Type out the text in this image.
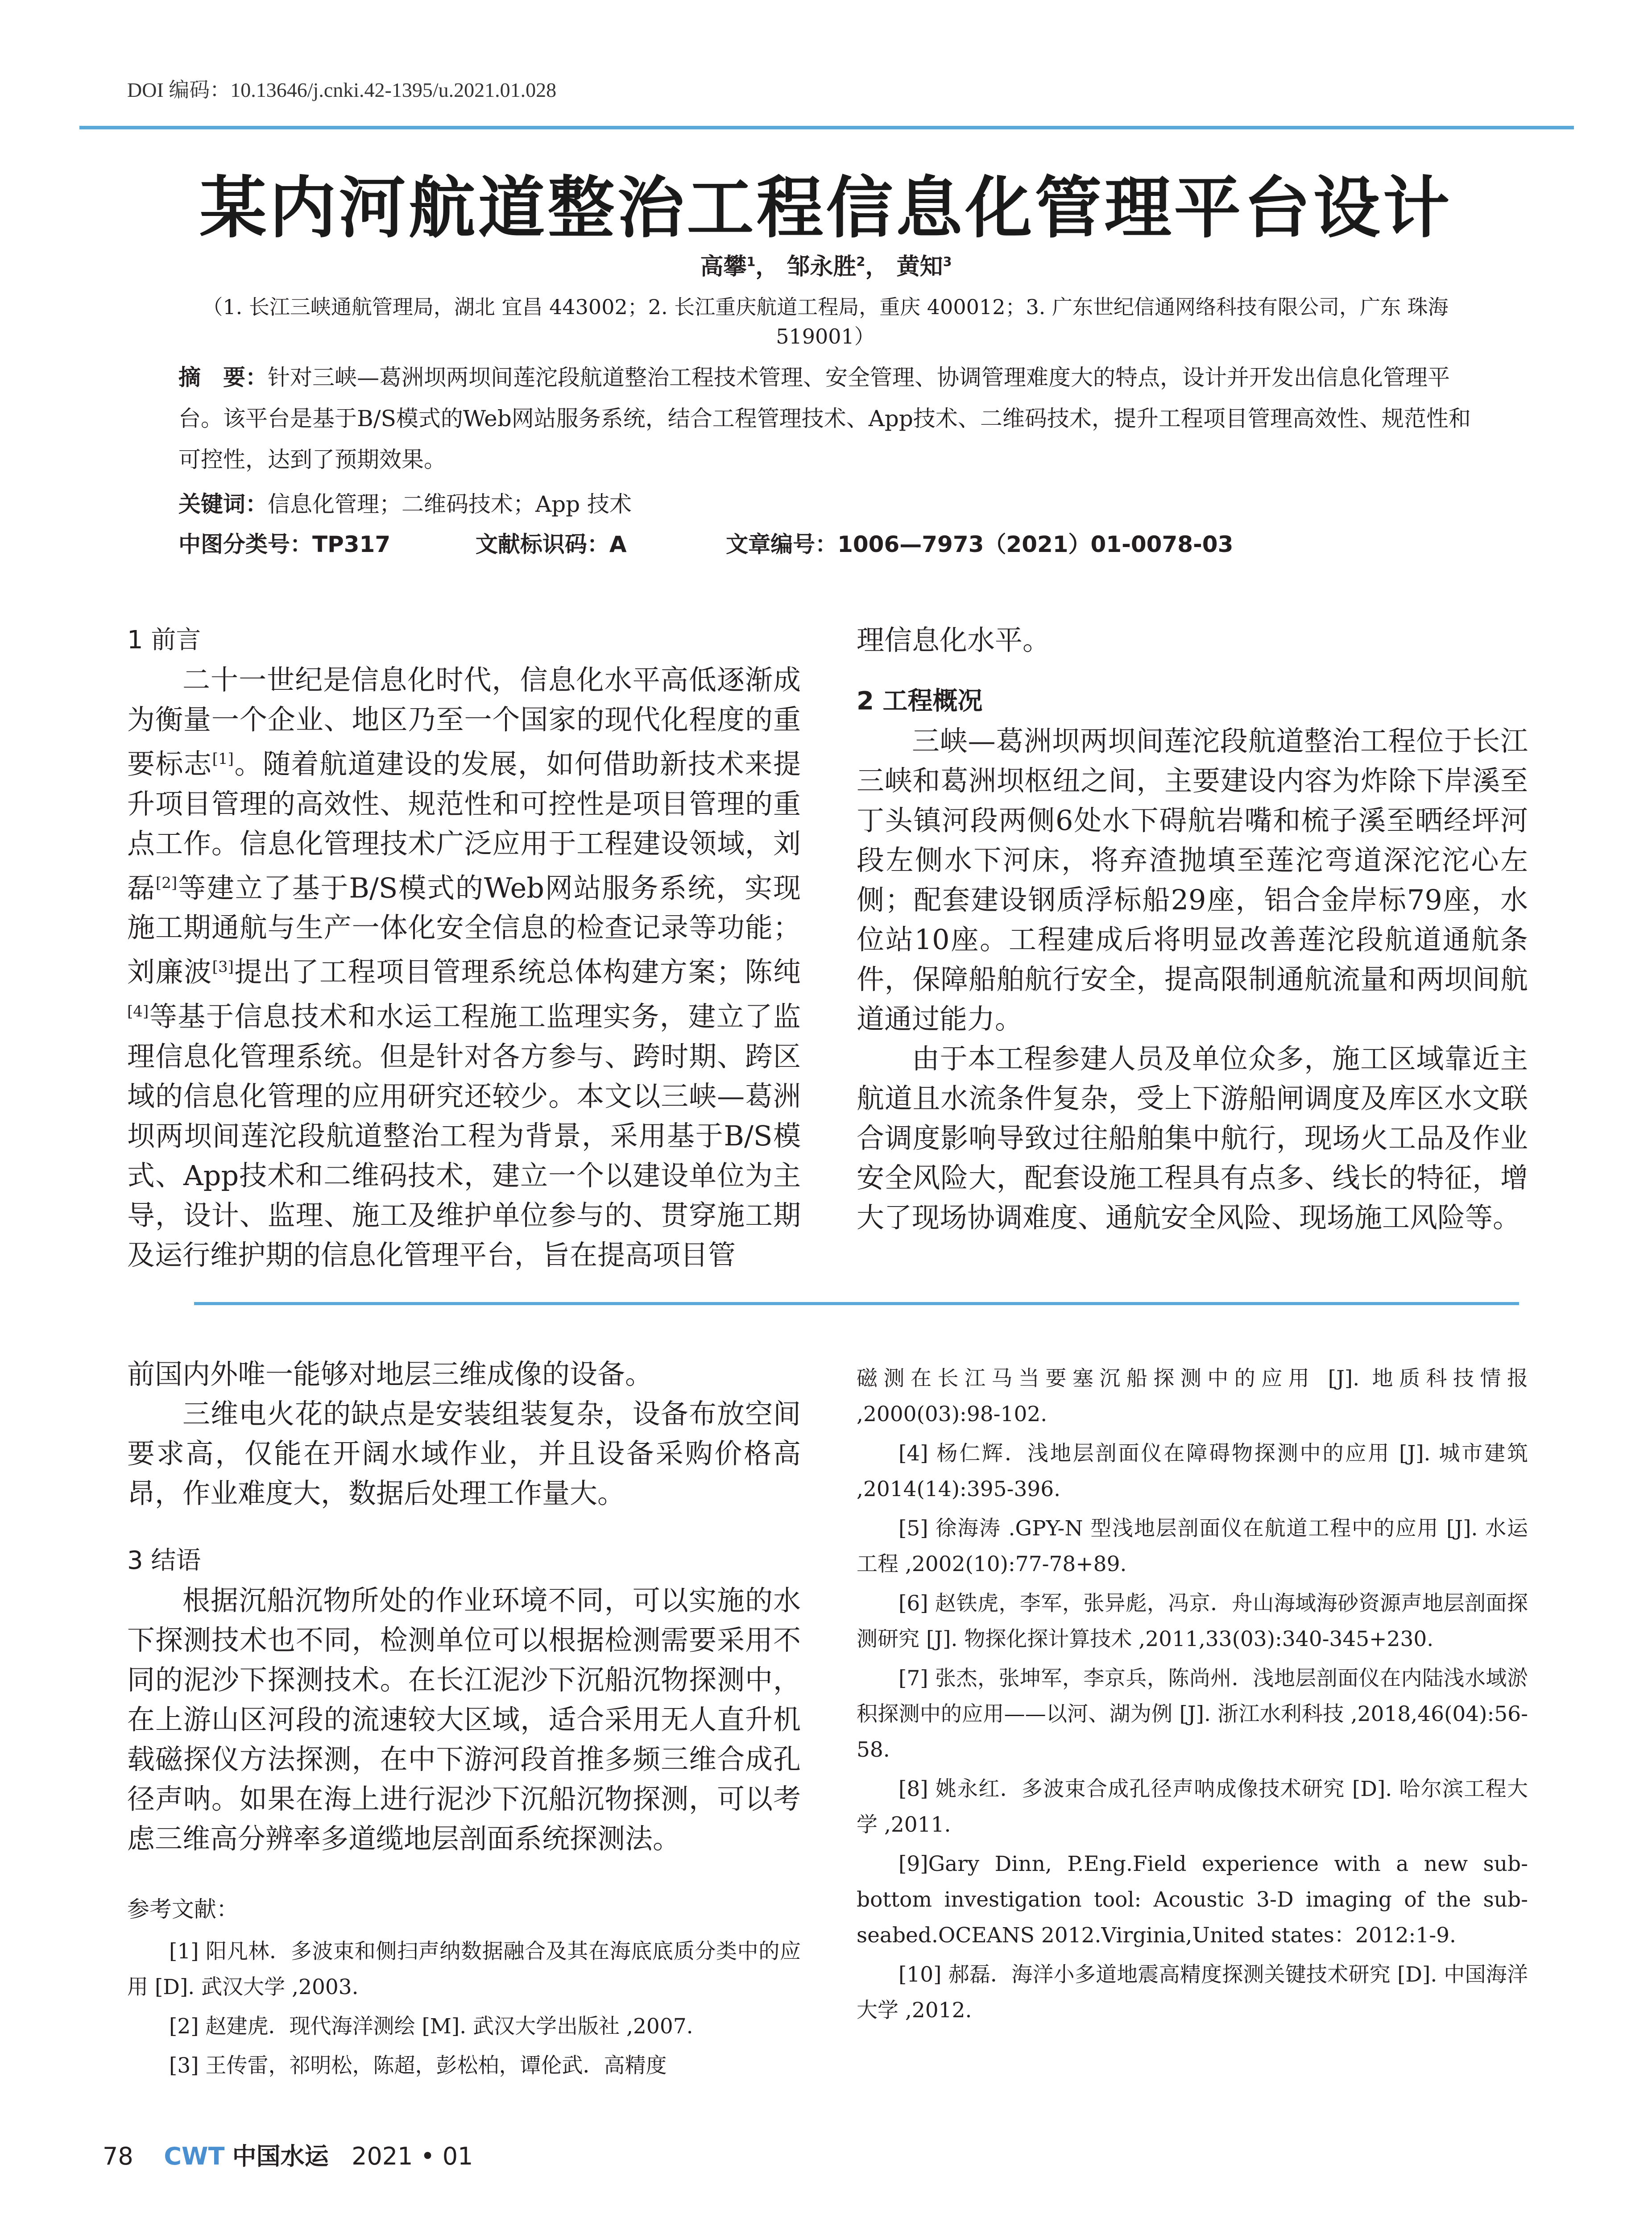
DOI 编码：10.13646/j.cnki.42-1395/u.2021.01.028
某内河航道整治工程信息化管理平台设计
高攀$^1$， 邹永胜$^2$， 黄知$^3$
（1. 长江三峡通航管理局，湖北 宜昌 443002；2. 长江重庆航道工程局，重庆 400012；3. 广东世纪信通网络科技有限公司，广东 珠海 519001）
摘　要：针对三峡—葛洲坝两坝间莲沱段航道整治工程技术管理、安全管理、协调管理难度大的特点，设计并开发出信息化管理平台。该平台是基于B/S模式的Web网站服务系统，结合工程管理技术、App技术、二维码技术，提升工程项目管理高效性、规范性和可控性，达到了预期效果。
关键词：信息化管理；二维码技术；App 技术
中图分类号：TP317	文献标识码：A	文章编号：1006—7973（2021）01-0078-03
1 前言

二十一世纪是信息化时代，信息化水平高低逐渐成为衡量一个企业、地区乃至一个国家的现代化程度的重要标志[1]。随着航道建设的发展，如何借助新技术来提升项目管理的高效性、规范性和可控性是项目管理的重点工作。信息化管理技术广泛应用于工程建设领域，刘磊[2]等建立了基于B/S模式的Web网站服务系统，实现施工期通航与生产一体化安全信息的检查记录等功能；刘廉波[3]提出了工程项目管理系统总体构建方案；陈纯[4]等基于信息技术和水运工程施工监理实务，建立了监理信息化管理系统。但是针对各方参与、跨时期、跨区域的信息化管理的应用研究还较少。本文以三峡—葛洲坝两坝间莲沱段航道整治工程为背景，采用基于B/S模式、App技术和二维码技术，建立一个以建设单位为主导，设计、监理、施工及维护单位参与的、贯穿施工期及运行维护期的信息化管理平台，旨在提高项目管

理信息化水平。
2 工程概况

三峡—葛洲坝两坝间莲沱段航道整治工程位于长江三峡和葛洲坝枢纽之间，主要建设内容为炸除下岸溪至丁头镇河段两侧6处水下碍航岩嘴和梳子溪至晒经坪河段左侧水下河床，将弃渣抛填至莲沱弯道深沱沱心左侧；配套建设钢质浮标船29座，铝合金岸标79座，水位站10座。工程建成后将明显改善莲沱段航道通航条件，保障船舶航行安全，提高限制通航流量和两坝间航道通过能力。

由于本工程参建人员及单位众多，施工区域靠近主航道且水流条件复杂，受上下游船闸调度及库区水文联合调度影响导致过往船舶集中航行，现场火工品及作业安全风险大，配套设施工程具有点多、线长的特征，增大了现场协调难度、通航安全风险、现场施工风险等。

前国内外唯一能够对地层三维成像的设备。

三维电火花的缺点是安装组装复杂，设备布放空间要求高，仅能在开阔水域作业，并且设备采购价格高昂，作业难度大，数据后处理工作量大。

3 结语

根据沉船沉物所处的作业环境不同，可以实施的水下探测技术也不同，检测单位可以根据检测需要采用不同的泥沙下探测技术。在长江泥沙下沉船沉物探测中，在上游山区河段的流速较大区域，适合采用无人直升机载磁探仪方法探测，在中下游河段首推多频三维合成孔径声呐。如果在海上进行泥沙下沉船沉物探测，可以考虑三维高分辨率多道缆地层剖面系统探测法。

参考文献：

[1] 阳凡林．多波束和侧扫声纳数据融合及其在海底底质分类中的应用 [D]. 武汉大学 ,2003.

[2] 赵建虎．现代海洋测绘 [M]. 武汉大学出版社 ,2007.

[3] 王传雷，祁明松，陈超，彭松柏，谭伦武．高精度

磁测在长江马当要塞沉船探测中的应用 [J]. 地质科技情报 ,2000(03):98-102.

[4] 杨仁辉．浅地层剖面仪在障碍物探测中的应用 [J]. 城市建筑 ,2014(14):395-396.

[5] 徐海涛 .GPY-N 型浅地层剖面仪在航道工程中的应用 [J]. 水运工程 ,2002(10):77-78+89.

[6] 赵铁虎，李军，张异彪，冯京．舟山海域海砂资源声地层剖面探测研究 [J]. 物探化探计算技术 ,2011,33(03):340-345+230.

[7] 张杰，张坤军，李京兵，陈尚州．浅地层剖面仪在内陆浅水域淤积探测中的应用——以河、湖为例 [J]. 浙江水利科技 ,2018,46(04):56-58.

[8] 姚永红．多波束合成孔径声呐成像技术研究 [D]. 哈尔滨工程大学 ,2011.

[9]Gary Dinn, P.Eng.Field experience with a new sub-bottom investigation tool: Acoustic 3-D imaging of the sub-seabed.OCEANS 2012.Virginia,United states：2012:1-9.

[10] 郝磊．海洋小多道地震高精度探测关键技术研究 [D]. 中国海洋大学 ,2012.

78 CWT 中国水运 2021 • 01
